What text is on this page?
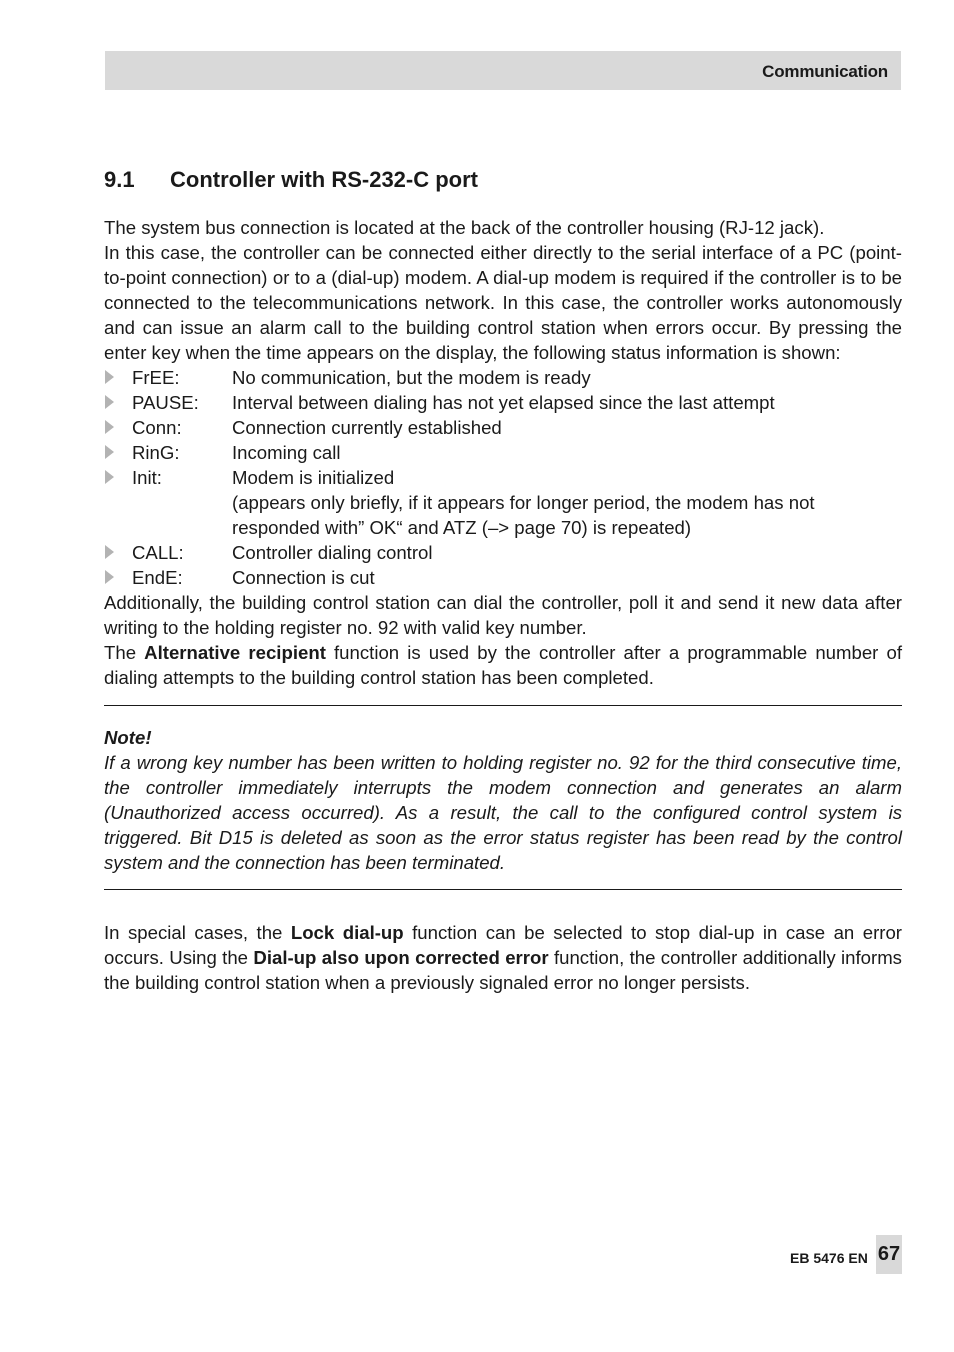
Communication
9.1 Controller with RS-232-C port

The system bus connection is located at the back of the controller housing (RJ-12 jack).

In this case, the controller can be connected either directly to the serial interface of a PC (point-to-point connection) or to a (dial-up) modem. A dial-up modem is required if the controller is to be connected to the telecommunications network. In this case, the controller works autonomously and can issue an alarm call to the building control station when errors occur. By pressing the enter key when the time appears on the display, the following status information is shown:

FrEE:	No communication, but the modem is ready
PAUSE:	Interval between dialing has not yet elapsed since the last attempt
Conn:	Connection currently established
RinG:	Incoming call
Init:	Modem is initialized
(appears only briefly, if it appears for longer period, the modem has not responded with” OK“ and ATZ (–> page 70) is repeated)
CALL:	Controller dialing control
EndE:	Connection is cut

Additionally, the building control station can dial the controller, poll it and send it new data after writing to the holding register no. 92 with valid key number.

The Alternative recipient function is used by the controller after a programmable number of dialing attempts to the building control station has been completed.

Note!

If a wrong key number has been written to holding register no. 92 for the third consecutive time, the controller immediately interrupts the modem connection and generates an alarm (Unauthorized access occurred). As a result, the call to the configured control system is triggered. Bit D15 is deleted as soon as the error status register has been read by the control system and the connection has been terminated.

In special cases, the Lock dial-up function can be selected to stop dial-up in case an error occurs. Using the Dial-up also upon corrected error function, the controller additionally informs the building control station when a previously signaled error no longer persists.

EB 5476 EN 67
